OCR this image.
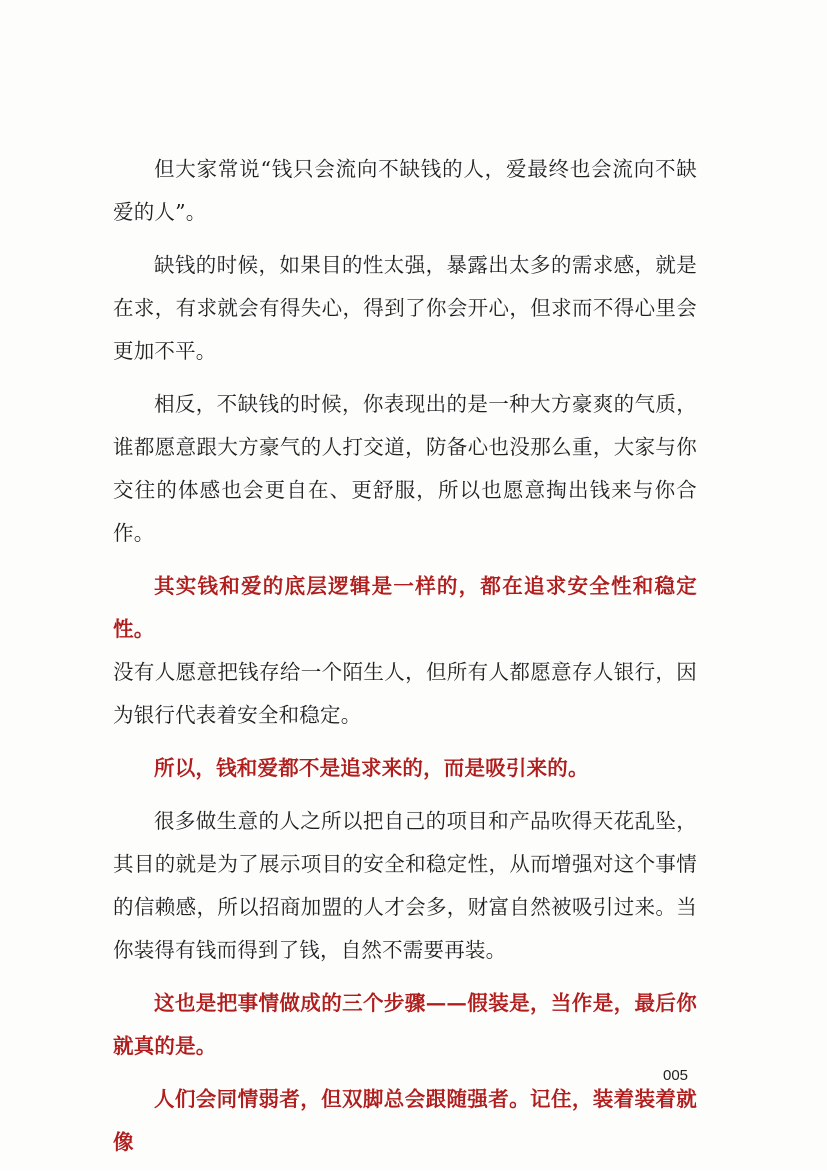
但大家常说“钱只会流向不缺钱的人，爱最终也会流向不缺爱的人”。

缺钱的时候，如果目的性太强，暴露出太多的需求感，就是在求，有求就会有得失心，得到了你会开心，但求而不得心里会更加不平。

相反，不缺钱的时候，你表现出的是一种大方豪爽的气质，谁都愿意跟大方豪气的人打交道，防备心也没那么重，大家与你交往的体感也会更自在、更舒服，所以也愿意掏出钱来与你合作。

其实钱和爱的底层逻辑是一样的，都在追求安全性和稳定性。

没有人愿意把钱存给一个陌生人，但所有人都愿意存人银行，因为银行代表着安全和稳定。

所以，钱和爱都不是追求来的，而是吸引来的。

很多做生意的人之所以把自己的项目和产品吹得天花乱坠，其目的就是为了展示项目的安全和稳定性，从而增强对这个事情的信赖感，所以招商加盟的人才会多，财富自然被吸引过来。当你装得有钱而得到了钱，自然不需要再装。

这也是把事情做成的三个步骤——假装是，当作是，最后你就真的是。

人们会同情弱者，但双脚总会跟随强者。记住，装着装着就像

005
